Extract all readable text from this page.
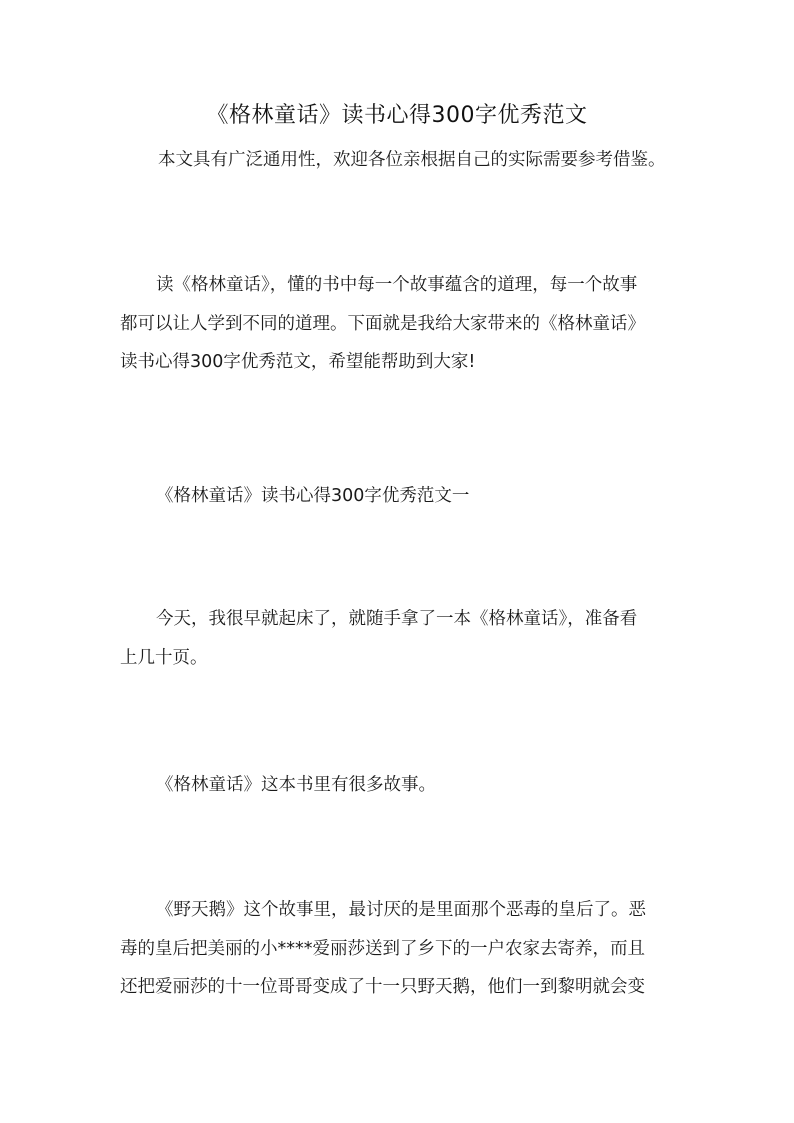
《格林童话》读书心得300字优秀范文
本文具有广泛通用性，欢迎各位亲根据自己的实际需要参考借鉴。

读《格林童话》，懂的书中每一个故事蕴含的道理，每一个故事
都可以让人学到不同的道理。下面就是我给大家带来的《格林童话》
读书心得300字优秀范文，希望能帮助到大家!

《格林童话》读书心得300字优秀范文一

今天，我很早就起床了，就随手拿了一本《格林童话》，准备看
上几十页。

《格林童话》这本书里有很多故事。

《野天鹅》这个故事里，最讨厌的是里面那个恶毒的皇后了。恶
毒的皇后把美丽的小****爱丽莎送到了乡下的一户农家去寄养，而且
还把爱丽莎的十一位哥哥变成了十一只野天鹅，他们一到黎明就会变
